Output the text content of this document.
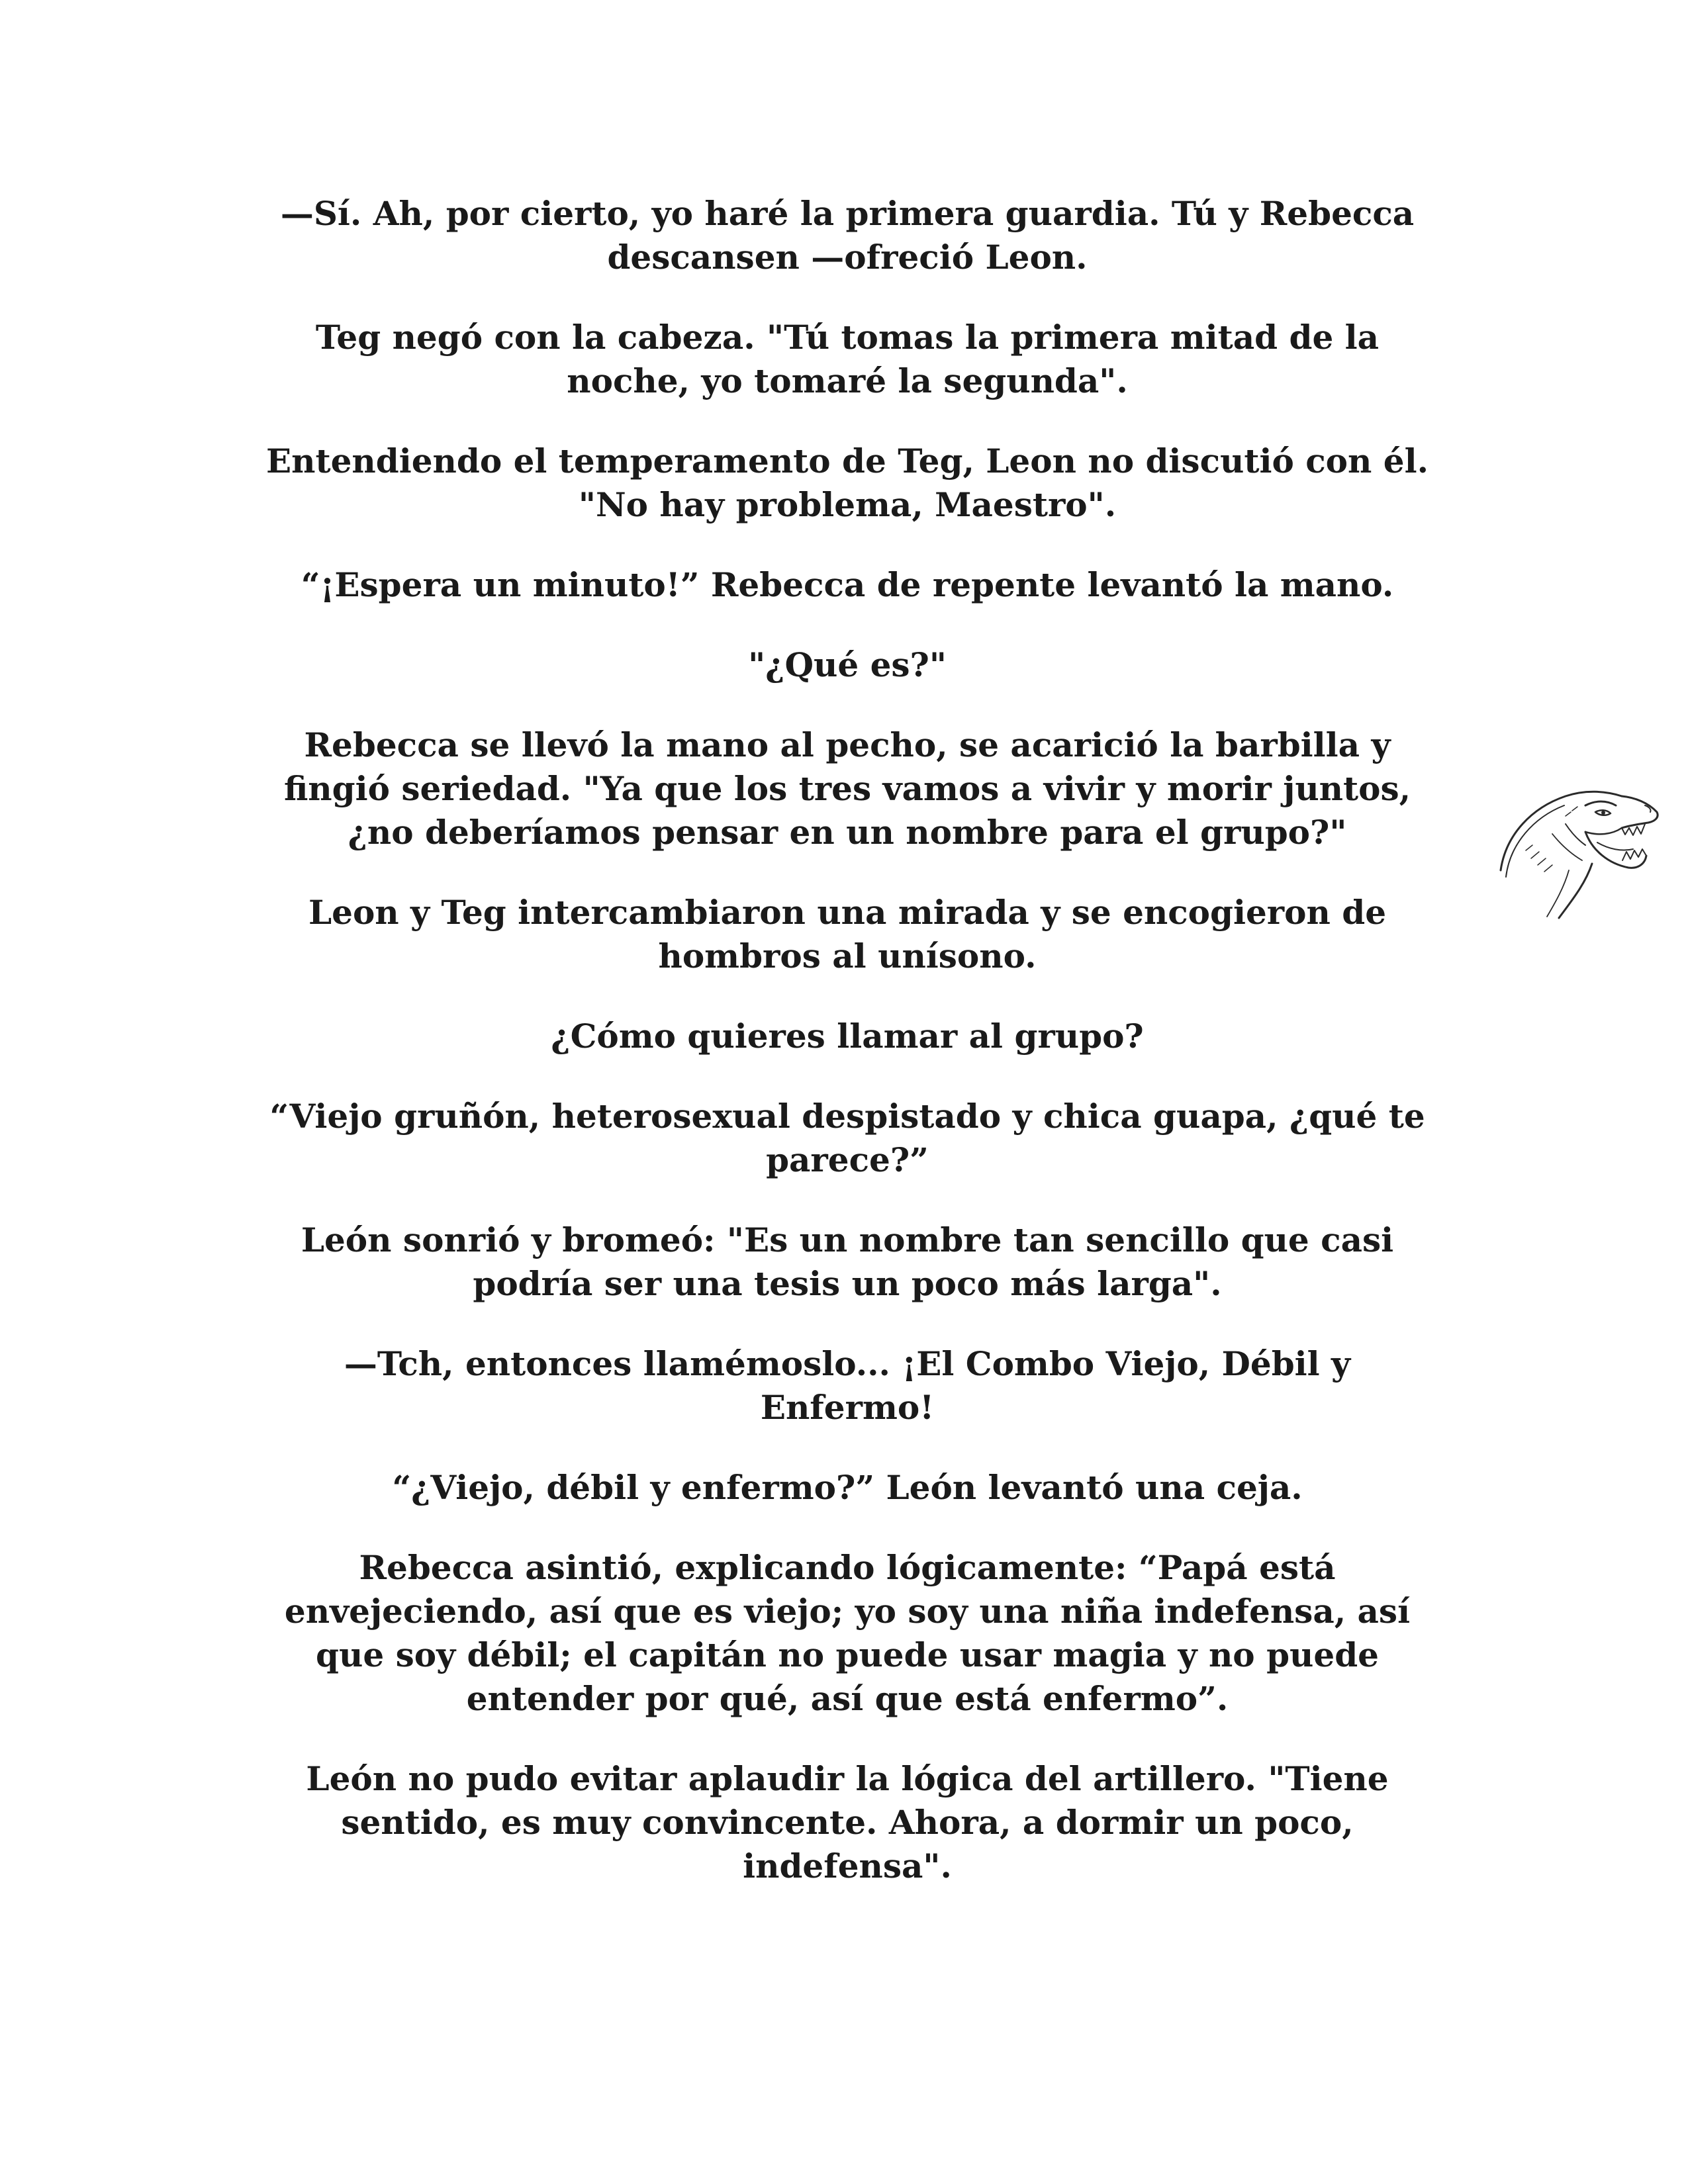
—Sí. Ah, por cierto, yo haré la primera guardia. Tú y Rebecca
descansen —ofreció Leon.

Teg negó con la cabeza. "Tú tomas la primera mitad de la
noche, yo tomaré la segunda".

Entendiendo el temperamento de Teg, Leon no discutió con él.
"No hay problema, Maestro".

“¡Espera un minuto!” Rebecca de repente levantó la mano.

"¿Qué es?"

Rebecca se llevó la mano al pecho, se acarició la barbilla y
fingió seriedad. "Ya que los tres vamos a vivir y morir juntos,
¿no deberíamos pensar en un nombre para el grupo?"

Leon y Teg intercambiaron una mirada y se encogieron de
hombros al unísono.

¿Cómo quieres llamar al grupo?

“Viejo gruñón, heterosexual despistado y chica guapa, ¿qué te
parece?”

León sonrió y bromeó: "Es un nombre tan sencillo que casi
podría ser una tesis un poco más larga".

—Tch, entonces llamémoslo... ¡El Combo Viejo, Débil y
Enfermo!

“¿Viejo, débil y enfermo?” León levantó una ceja.

Rebecca asintió, explicando lógicamente: “Papá está
envejeciendo, así que es viejo; yo soy una niña indefensa, así
que soy débil; el capitán no puede usar magia y no puede
entender por qué, así que está enfermo”.

León no pudo evitar aplaudir la lógica del artillero. "Tiene
sentido, es muy convincente. Ahora, a dormir un poco,
indefensa".
